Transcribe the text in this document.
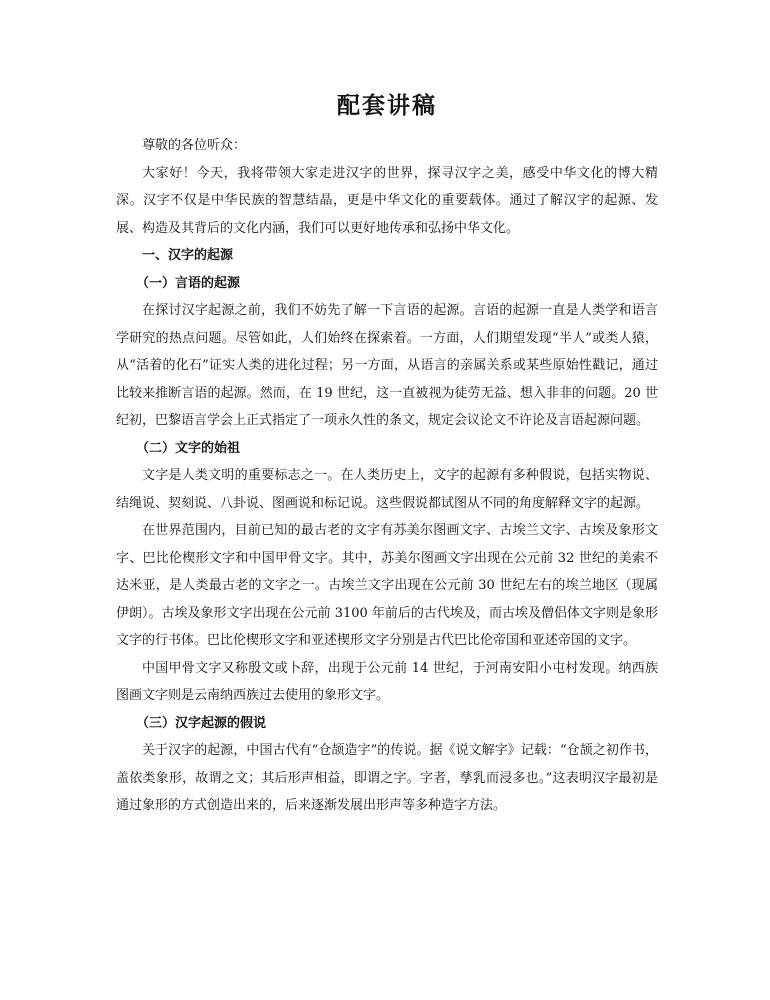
配套讲稿

尊敬的各位听众：

大家好！今天，我将带领大家走进汉字的世界，探寻汉字之美，感受中华文化的博大精深。汉字不仅是中华民族的智慧结晶，更是中华文化的重要载体。通过了解汉字的起源、发展、构造及其背后的文化内涵，我们可以更好地传承和弘扬中华文化。

一、汉字的起源

（一）言语的起源

在探讨汉字起源之前，我们不妨先了解一下言语的起源。言语的起源一直是人类学和语言学研究的热点问题。尽管如此，人们始终在探索着。一方面，人们期望发现“半人”或类人猿，从“活着的化石”证实人类的进化过程；另一方面，从语言的亲属关系或某些原始性戳记，通过比较来推断言语的起源。然而，在 19 世纪，这一直被视为徒劳无益、想入非非的问题。20 世纪初，巴黎语言学会上正式指定了一项永久性的条文，规定会议论文不许论及言语起源问题。

（二）文字的始祖

文字是人类文明的重要标志之一。在人类历史上，文字的起源有多种假说，包括实物说、结绳说、契刻说、八卦说、图画说和标记说。这些假说都试图从不同的角度解释文字的起源。

在世界范围内，目前已知的最古老的文字有苏美尔图画文字、古埃兰文字、古埃及象形文字、巴比伦楔形文字和中国甲骨文字。其中，苏美尔图画文字出现在公元前 32 世纪的美索不达米亚，是人类最古老的文字之一。古埃兰文字出现在公元前 30 世纪左右的埃兰地区（现属伊朗）。古埃及象形文字出现在公元前 3100 年前后的古代埃及，而古埃及僧侣体文字则是象形文字的行书体。巴比伦楔形文字和亚述楔形文字分别是古代巴比伦帝国和亚述帝国的文字。

中国甲骨文字又称殷文或卜辞，出现于公元前 14 世纪，于河南安阳小屯村发现。纳西族图画文字则是云南纳西族过去使用的象形文字。

（三）汉字起源的假说

关于汉字的起源，中国古代有“仓颉造字”的传说。据《说文解字》记载：“仓颉之初作书，盖依类象形，故谓之文；其后形声相益，即谓之字。字者，孳乳而浸多也。”这表明汉字最初是通过象形的方式创造出来的，后来逐渐发展出形声等多种造字方法。
